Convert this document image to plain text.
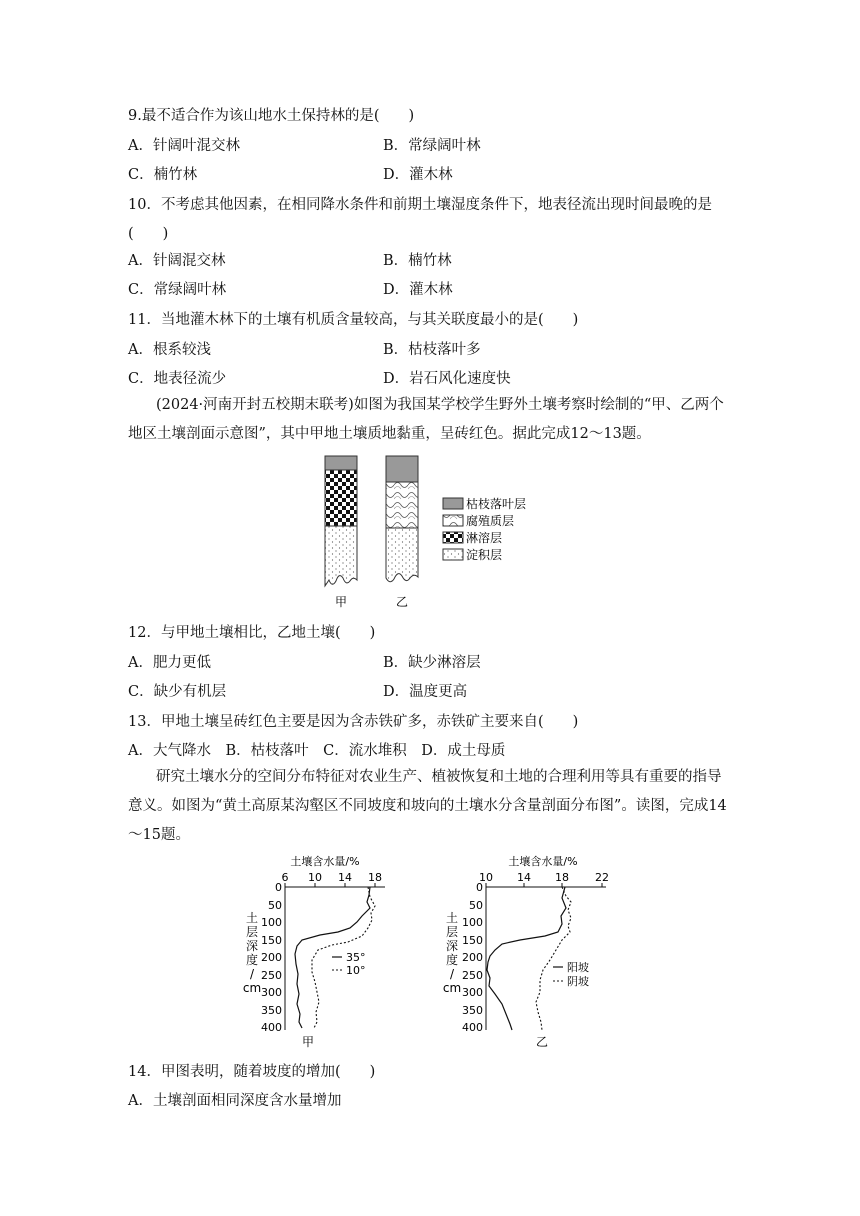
9.最不适合作为该山地水土保持林的是(　　)
A．针阔叶混交林	B．常绿阔叶林
C．楠竹林	D．灌木林
10．不考虑其他因素，在相同降水条件和前期土壤湿度条件下，地表径流出现时间最晚的是
(　　)
A．针阔混交林	B．楠竹林
C．常绿阔叶林	D．灌木林
11．当地灌木林下的土壤有机质含量较高，与其关联度最小的是(　　)
A．根系较浅	B．枯枝落叶多
C．地表径流少	D．岩石风化速度快
(2024·河南开封五校期末联考)如图为我国某学校学生野外土壤考察时绘制的“甲、乙两个地区土壤剖面示意图”，其中甲地土壤质地黏重，呈砖红色。据此完成12～13题。
甲	乙
枯枝落叶层
腐殖质层
淋溶层
淀积层
12．与甲地土壤相比，乙地土壤(　　)
A．肥力更低	B．缺少淋溶层
C．缺少有机层	D．温度更高
13．甲地土壤呈砖红色主要是因为含赤铁矿多，赤铁矿主要来自(　　)
A．大气降水　B．枯枝落叶　C．流水堆积　D．成土母质
研究土壤水分的空间分布特征对农业生产、植被恢复和土地的合理利用等具有重要的指导意义。如图为“黄土高原某沟壑区不同坡度和坡向的土壤水分含量剖面分布图”。读图，完成14～15题。
土壤含水量/%
6 10 14 18
0
50
100
150
200
250
300
350
400
土
层
深
度
/
cm
35°
10°
甲
土壤含水量/%
10 14 18 22
0
50
100
150
200
250
300
350
400
土
层
深
度
/
cm
阳坡
阴坡
乙
14．甲图表明，随着坡度的增加(　　)
A．土壤剖面相同深度含水量增加
